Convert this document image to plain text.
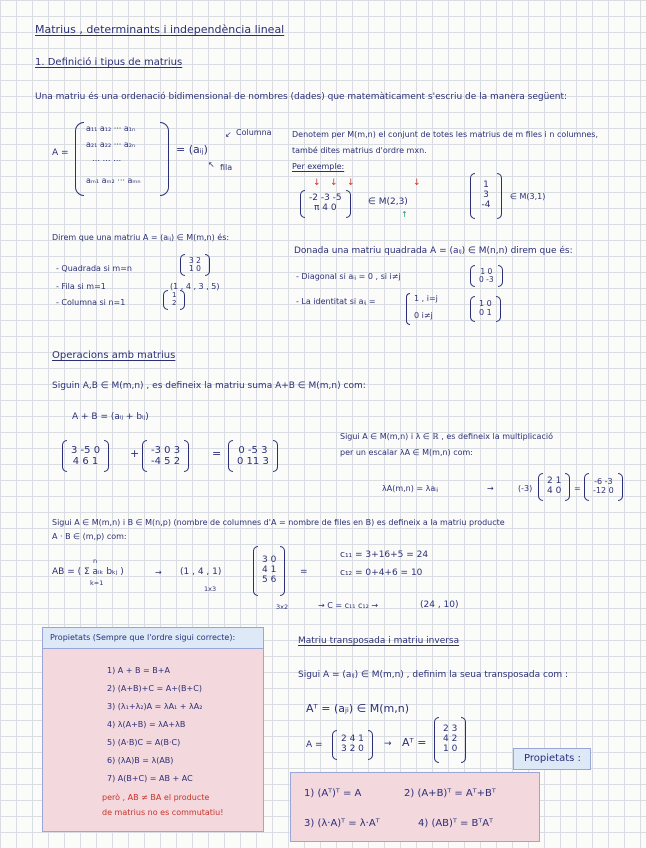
Matrius , determinants i independència lineal
1. Definició i tipus de matrius
Una matriu és una ordenació bidimensional de nombres (dades) que matemàticament s'escriu de la manera següent:
A =
a₁₁ a₁₂ ··· a₁ₙ
a₂₁ a₂₂ ··· a₂ₙ
⋯ ⋯ ⋯
aₘ₁ aₘ₂ ··· aₘₙ
= (aᵢⱼ)
↙ Columna
↖ fila
Denotem per M(m,n) el conjunt de totes les matrius de m files i n columnes,
també dites matrius d'ordre mxn.
Per exemple:
↓ ↓ ↓	↓
-2 -3 -5
π 4 0
∈ M(2,3)
↑
1
3
-4
∈ M(3,1)
Direm que una matriu A = (aᵢⱼ) ∈ M(m,n) és:
- Quadrada si m=n
3 2
1 0
- Fila si m=1	(1 , 4 , 3 , 5)
- Columna si n=1
1
2
Donada una matriu quadrada A = (aᵢⱼ) ∈ M(n,n) direm que és:
- Diagonal si aᵢⱼ = 0 , si i≠j
1 0
0 -3
- La identitat si aᵢⱼ =	1 , i=j
0 i≠j
1 0
0 1
Operacions amb matrius
Siguin A,B ∈ M(m,n) , es defineix la matriu suma A+B ∈ M(m,n) com:
A + B = (aᵢⱼ + bᵢⱼ)
3 -5 0
4 6 1
+ -3 0 3
-4 5 2
= 0 -5 3
0 11 3
Sigui A ∈ M(m,n) i λ ∈ ℝ , es defineix la multiplicació
per un escalar λA ∈ M(m,n) com:
λA(m,n) = λaᵢⱼ	→	(-3)
2 1
4 0 =
-6 -3
-12 0
Sigui A ∈ M(m,n) i B ∈ M(n,p) (nombre de columnes d'A = nombre de files en B) es defineix a la matriu producte
A · B ∈ (m,p) com:
AB = ( Σ aᵢₖ bₖⱼ )
n
k=1
→ (1 , 4 , 1)
1x3
3 0
4 1
5 6
3x2
=
c₁₁ = 3+16+5 = 24
c₁₂ = 0+4+6 = 10
→ C = c₁₁ c₁₂ →	(24 , 10)
Propietats (Sempre que l'ordre sigui correcte):
1) A + B = B+A
2) (A+B)+C = A+(B+C)
3) (λ₁+λ₂)A = λA₁ + λA₂
4) λ(A+B) = λA+λB
5) (A·B)C = A(B·C)
6) (λA)B = λ(AB)
7) A(B+C) = AB + AC
però , AB ≠ BA el producte
de matrius no es commutatiu!
Matriu transposada i matriu inversa
Sigui A = (aᵢⱼ) ∈ M(m,n) , definim la seua transposada com :
Aᵀ = (aⱼᵢ) ∈ M(m,n)
A =
2 4 1
3 2 0 → Aᵀ =
2 3
4 2
1 0
Propietats :
1) (Aᵀ)ᵀ = A	2) (A+B)ᵀ = Aᵀ+Bᵀ
3) (λ·A)ᵀ = λ·Aᵀ	4) (AB)ᵀ = BᵀAᵀ
